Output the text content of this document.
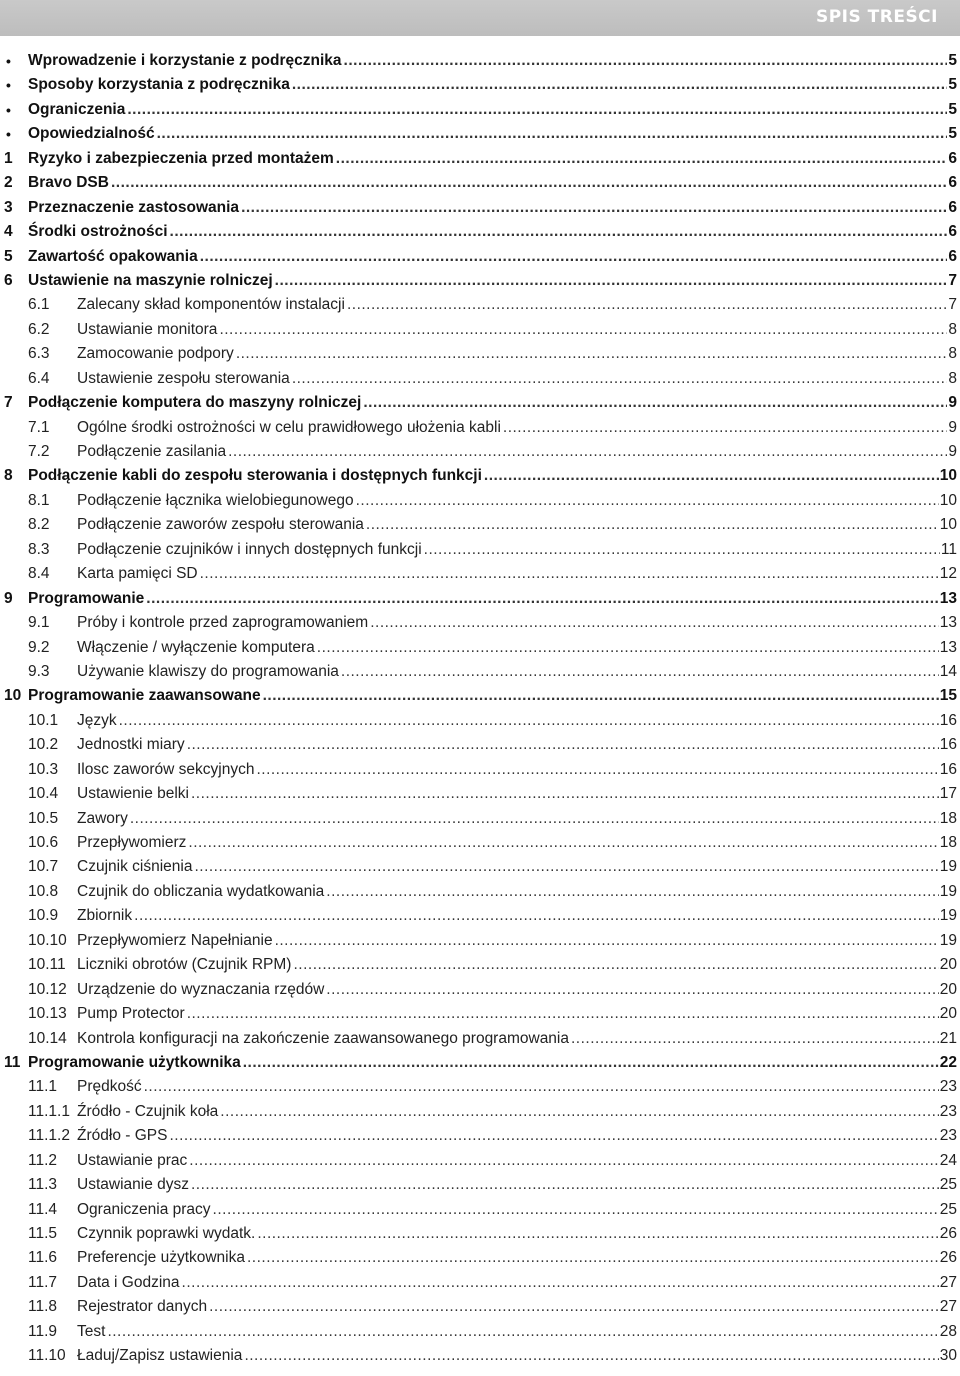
SPIS TREŚCI
• Wprowadzenie i korzystanie z podręcznika .....	5
• Sposoby korzystania z podręcznika .....	5
• Ograniczenia .....	5
• Opowiedzialność .....	5
1 Ryzyko i zabezpieczenia przed montażem .....	6
2 Bravo DSB .....	6
3 Przeznaczenie zastosowania .....	6
4 Środki ostrożności .....	6
5 Zawartość opakowania .....	6
6 Ustawienie na maszynie rolniczej .....	7
6.1 Zalecany skład komponentów instalacji .....	7
6.2 Ustawianie monitora .....	8
6.3 Zamocowanie podpory .....	8
6.4 Ustawienie zespołu sterowania .....	8
7 Podłączenie komputera do maszyny rolniczej .....	9
7.1 Ogólne środki ostrożności w celu prawidłowego ułożenia kabli .....	9
7.2 Podłączenie zasilania .....	9
8 Podłączenie kabli do zespołu sterowania i dostępnych funkcji .....	10
8.1 Podłączenie łącznika wielobiegunowego .....	10
8.2 Podłączenie zaworów zespołu sterowania .....	10
8.3 Podłączenie czujników i innych dostępnych funkcji .....	11
8.4 Karta pamięci SD .....	12
9 Programowanie .....	13
9.1 Próby i kontrole przed zaprogramowaniem .....	13
9.2 Włączenie / wyłączenie komputera .....	13
9.3 Używanie klawiszy do programowania .....	14
10 Programowanie zaawansowane .....	15
10.1 Język .....	16
10.2 Jednostki miary .....	16
10.3 Ilosc zaworów sekcyjnych .....	16
10.4 Ustawienie belki .....	17
10.5 Zawory .....	18
10.6 Przepływomierz .....	18
10.7 Czujnik ciśnienia .....	19
10.8 Czujnik do obliczania wydatkowania .....	19
10.9 Zbiornik .....	19
10.10 Przepływomierz Napełnianie .....	19
10.11 Liczniki obrotów (Czujnik RPM) .....	20
10.12 Urządzenie do wyznaczania rzędów .....	20
10.13 Pump Protector .....	20
10.14 Kontrola konfiguracji na zakończenie zaawansowanego programowania .....	21
11 Programowanie użytkownika .....	22
11.1 Prędkość .....	23
11.1.1 Źródło - Czujnik koła .....	23
11.1.2 Źródło - GPS .....	23
11.2 Ustawianie prac .....	24
11.3 Ustawianie dysz .....	25
11.4 Ograniczenia pracy .....	25
11.5 Czynnik poprawki wydatk. .....	26
11.6 Preferencje użytkownika .....	26
11.7 Data i Godzina .....	27
11.8 Rejestrator danych .....	27
11.9 Test .....	28
11.10 Ładuj/Zapisz ustawienia .....	30
